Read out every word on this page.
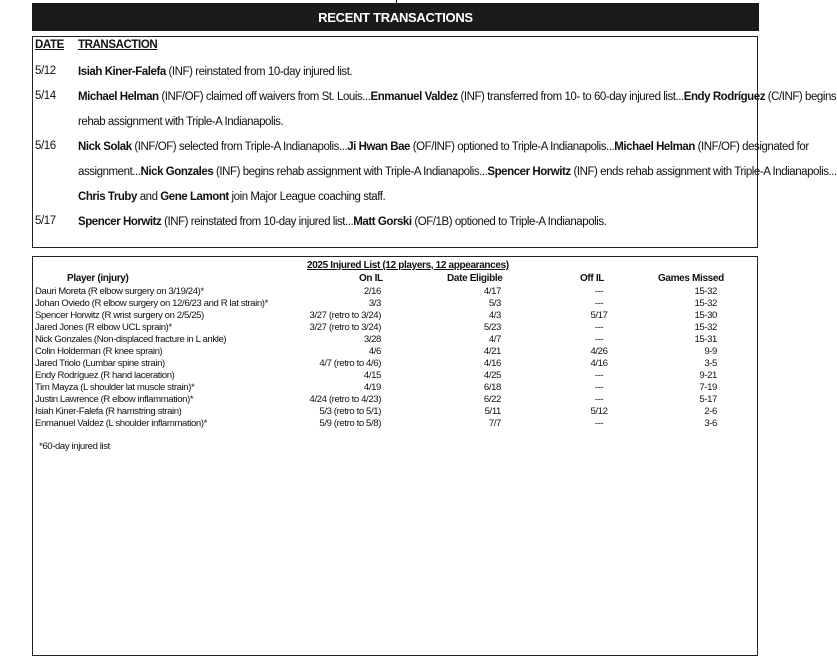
RECENT TRANSACTIONS
DATE TRANSACTION
5/12 Isiah Kiner-Falefa (INF) reinstated from 10-day injured list.
5/14 Michael Helman (INF/OF) claimed off waivers from St. Louis...Enmanuel Valdez (INF) transferred from 10- to 60-day injured list...Endy Rodríguez (C/INF) begins
rehab assignment with Triple-A Indianapolis.
5/16 Nick Solak (INF/OF) selected from Triple-A Indianapolis...Ji Hwan Bae (OF/INF) optioned to Triple-A Indianapolis...Michael Helman (INF/OF) designated for
assignment...Nick Gonzales (INF) begins rehab assignment with Triple-A Indianapolis...Spencer Horwitz (INF) ends rehab assignment with Triple-A Indianapolis...
Chris Truby and Gene Lamont join Major League coaching staff.
5/17 Spencer Horwitz (INF) reinstated from 10-day injured list...Matt Gorski (OF/1B) optioned to Triple-A Indianapolis.
2025 Injured List (12 players, 12 appearances)
Player (injury)	On IL	Date Eligible	Off IL	Games Missed
Dauri Moreta (R elbow surgery on 3/19/24)*	2/16	4/17	---	15-32
Johan Oviedo (R elbow surgery on 12/6/23 and R lat strain)*	3/3	5/3	---	15-32
Spencer Horwitz (R wrist surgery on 2/5/25)	3/27 (retro to 3/24)	4/3	5/17	15-30
Jared Jones (R elbow UCL sprain)*	3/27 (retro to 3/24)	5/23	---	15-32
Nick Gonzales (Non-displaced fracture in L ankle)	3/28	4/7	---	15-31
Colin Holderman (R knee sprain)	4/6	4/21	4/26	9-9
Jared Triolo (Lumbar spine strain)	4/7 (retro to 4/6)	4/16	4/16	3-5
Endy Rodríguez (R hand laceration)	4/15	4/25	---	9-21
Tim Mayza (L shoulder lat muscle strain)*	4/19	6/18	---	7-19
Justin Lawrence (R elbow inflammation)*	4/24 (retro to 4/23)	6/22	---	5-17
Isiah Kiner-Falefa (R hamstring strain)	5/3 (retro to 5/1)	5/11	5/12	2-6
Enmanuel Valdez (L shoulder inflammation)*	5/9 (retro to 5/8)	7/7	---	3-6
*60-day injured list
